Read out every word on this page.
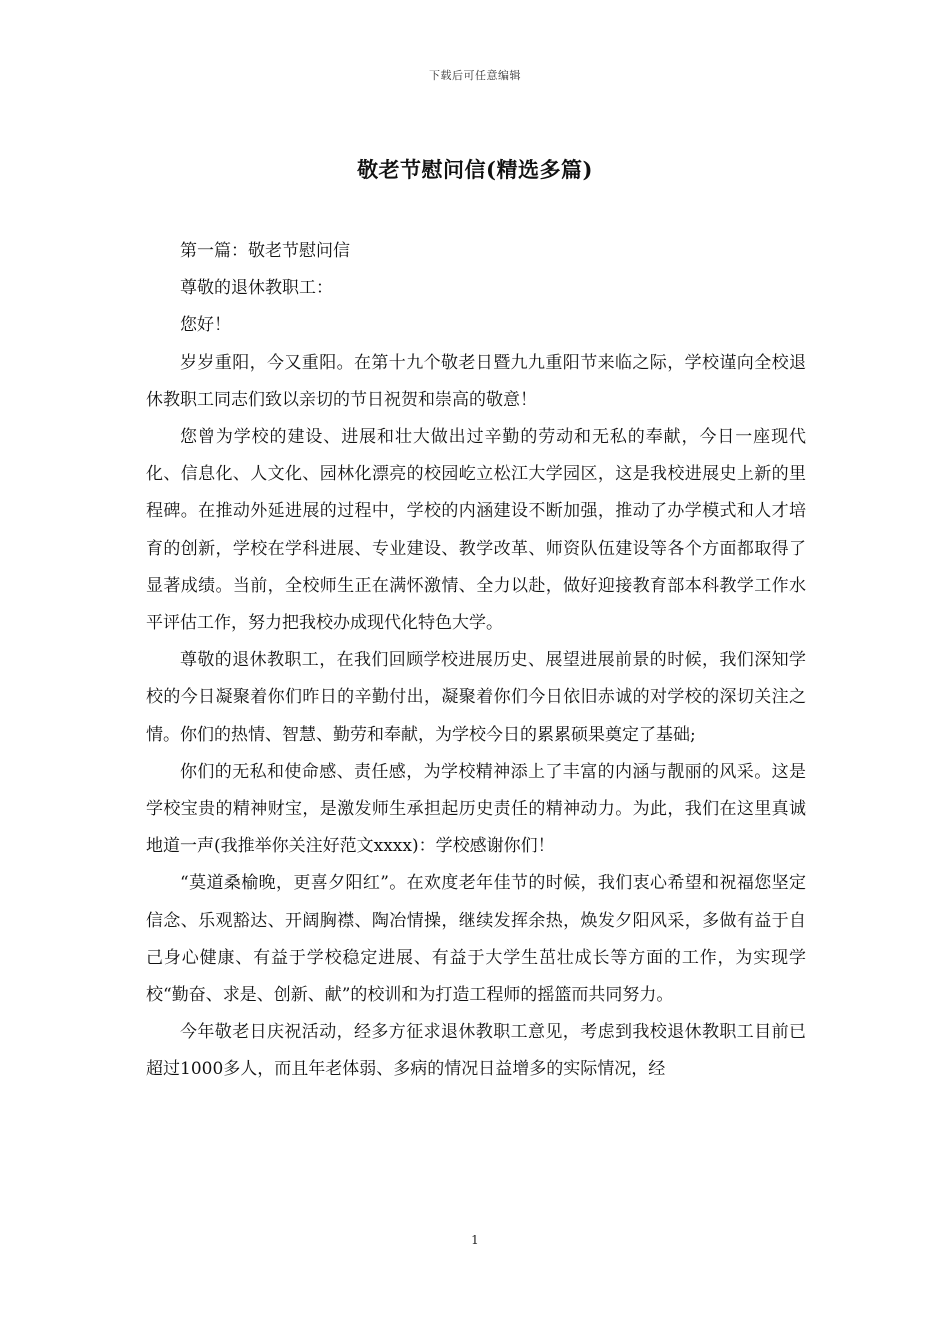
下载后可任意编辑
敬老节慰问信(精选多篇)

第一篇：敬老节慰问信

尊敬的退休教职工：

您好！

岁岁重阳，今又重阳。在第十九个敬老日暨九九重阳节来临之际，学校谨向全校退休教职工同志们致以亲切的节日祝贺和崇高的敬意！

您曾为学校的建设、进展和壮大做出过辛勤的劳动和无私的奉献，今日一座现代化、信息化、人文化、园林化漂亮的校园屹立松江大学园区，这是我校进展史上新的里程碑。在推动外延进展的过程中，学校的内涵建设不断加强，推动了办学模式和人才培育的创新，学校在学科进展、专业建设、教学改革、师资队伍建设等各个方面都取得了显著成绩。当前，全校师生正在满怀激情、全力以赴，做好迎接教育部本科教学工作水平评估工作，努力把我校办成现代化特色大学。

尊敬的退休教职工，在我们回顾学校进展历史、展望进展前景的时候，我们深知学校的今日凝聚着你们昨日的辛勤付出，凝聚着你们今日依旧赤诚的对学校的深切关注之情。你们的热情、智慧、勤劳和奉献，为学校今日的累累硕果奠定了基础;

你们的无私和使命感、责任感，为学校精神添上了丰富的内涵与靓丽的风采。这是学校宝贵的精神财宝，是激发师生承担起历史责任的精神动力。为此，我们在这里真诚地道一声(我推举你关注好范文xxxx)：学校感谢你们！

“莫道桑榆晚，更喜夕阳红”。在欢度老年佳节的时候，我们衷心希望和祝福您坚定信念、乐观豁达、开阔胸襟、陶冶情操，继续发挥余热，焕发夕阳风采，多做有益于自己身心健康、有益于学校稳定进展、有益于大学生茁壮成长等方面的工作，为实现学校“勤奋、求是、创新、献”的校训和为打造工程师的摇篮而共同努力。

今年敬老日庆祝活动，经多方征求退休教职工意见，考虑到我校退休教职工目前已超过1000多人，而且年老体弱、多病的情况日益增多的实际情况，经

1
